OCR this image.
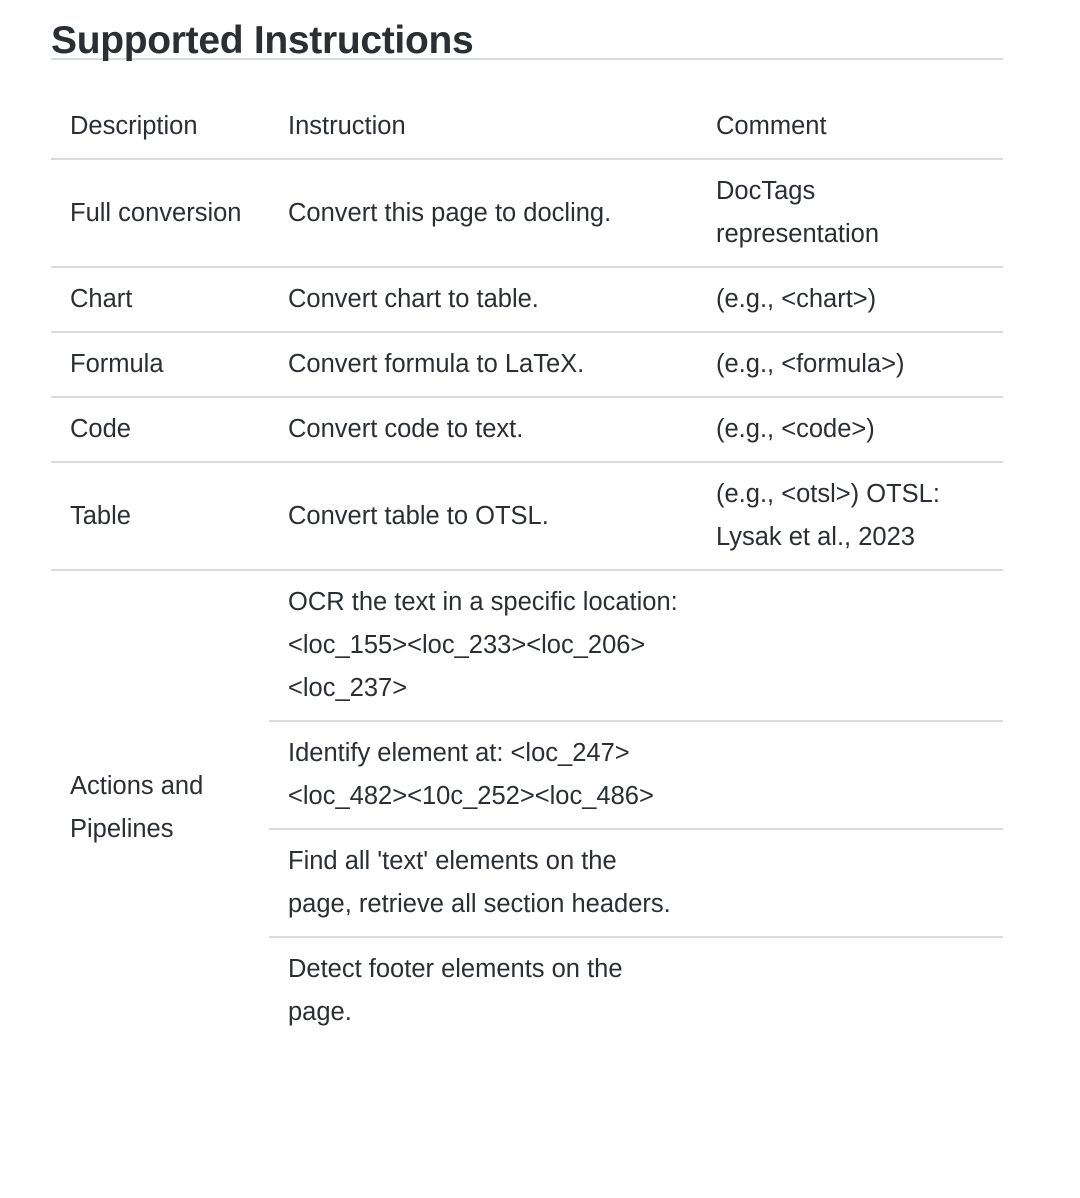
Supported Instructions
Description	Instruction	Comment
Full conversion	Convert this page to docling.	DocTags representation
Chart	Convert chart to table.	(e.g., <chart>)
Formula	Convert formula to LaTeX.	(e.g., <formula>)
Code	Convert code to text.	(e.g., <code>)
Table	Convert table to OTSL.	(e.g., <otsl>) OTSL: Lysak et al., 2023
Actions and Pipelines	OCR the text in a specific location: <loc_155><loc_233><loc_206><loc_237>	
	Identify element at: <loc_247><loc_482><10c_252><loc_486>	
	Find all 'text' elements on the page, retrieve all section headers.	
	Detect footer elements on the page.	
